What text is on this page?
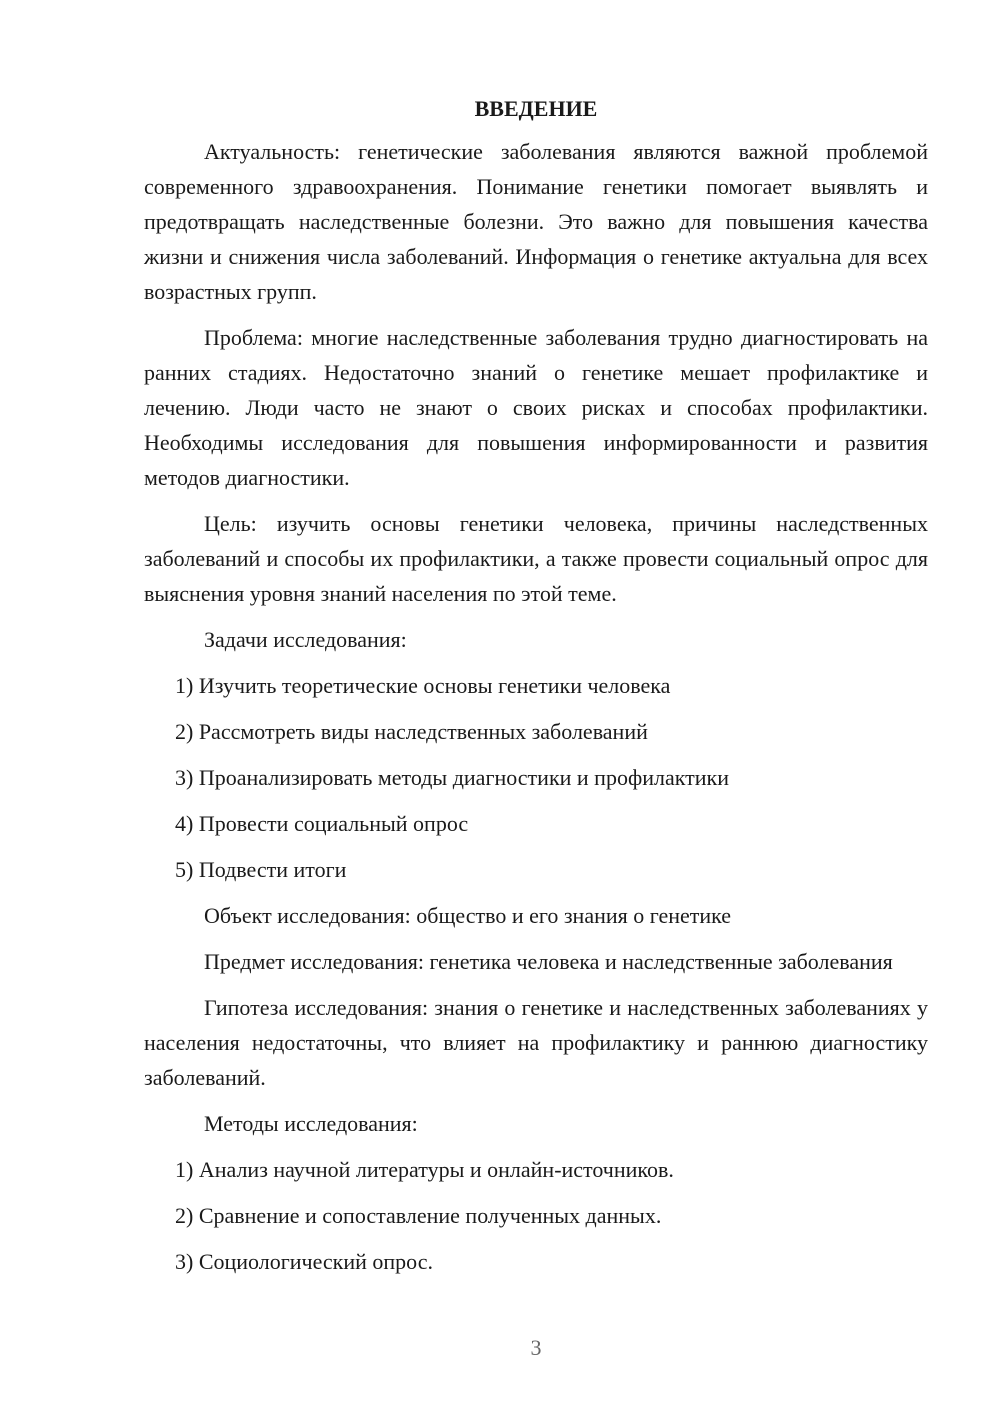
ВВЕДЕНИЕ

Актуальность: генетические заболевания являются важной проблемой современного здравоохранения. Понимание генетики помогает выявлять и предотвращать наследственные болезни. Это важно для повышения качества жизни и снижения числа заболеваний. Информация о генетике актуальна для всех возрастных групп.

Проблема: многие наследственные заболевания трудно диагностировать на ранних стадиях. Недостаточно знаний о генетике мешает профилактике и лечению. Люди часто не знают о своих рисках и способах профилактики. Необходимы исследования для повышения информированности и развития методов диагностики.

Цель: изучить основы генетики человека, причины наследственных заболеваний и способы их профилактики, а также провести социальный опрос для выяснения уровня знаний населения по этой теме.

Задачи исследования:

1) Изучить теоретические основы генетики человека
2) Рассмотреть виды наследственных заболеваний
3) Проанализировать методы диагностики и профилактики
4) Провести социальный опрос
5) Подвести итоги

Объект исследования: общество и его знания о генетике

Предмет исследования: генетика человека и наследственные заболевания

Гипотеза исследования: знания о генетике и наследственных заболеваниях у населения недостаточны, что влияет на профилактику и раннюю диагностику заболеваний.

Методы исследования:

1) Анализ научной литературы и онлайн-источников.
2) Сравнение и сопоставление полученных данных.
3) Социологический опрос.
3
